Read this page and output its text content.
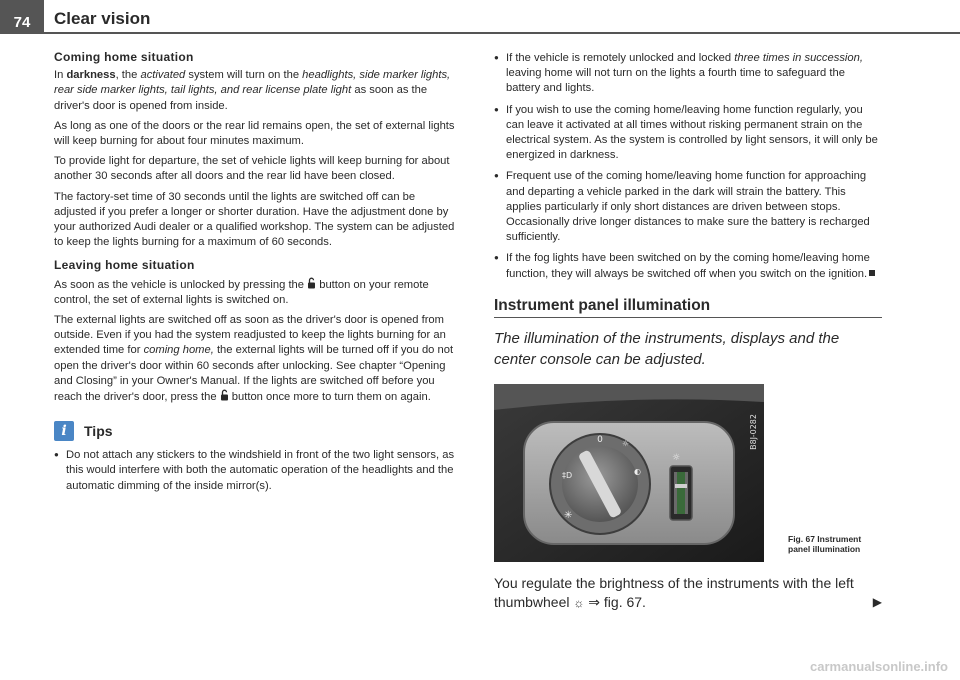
74	Clear vision
Coming home situation

In darkness, the activated system will turn on the headlights, side marker lights, rear side marker lights, tail lights, and rear license plate light as soon as the driver's door is opened from inside.

As long as one of the doors or the rear lid remains open, the set of external lights will keep burning for about four minutes maximum.

To provide light for departure, the set of vehicle lights will keep burning for about another 30 seconds after all doors and the rear lid have been closed.

The factory-set time of 30 seconds until the lights are switched off can be adjusted if you prefer a longer or shorter duration. Have the adjustment done by your authorized Audi dealer or a qualified workshop. The system can be adjusted to keep the lights burning for a maximum of 60 seconds.

Leaving home situation

As soon as the vehicle is unlocked by pressing the  button on your remote control, the set of external lights is switched on.

The external lights are switched off as soon as the driver's door is opened from outside. Even if you had the system readjusted to keep the lights burning for an extended time for coming home, the external lights will be turned off if you do not open the driver's door within 60 seconds after unlocking. See chapter “Opening and Closing” in your Owner's Manual. If the lights are switched off before you reach the driver's door, press the  button once more to turn them on again.

i	Tips

● Do not attach any stickers to the windshield in front of the two light sensors, as this would interfere with both the automatic operation of the headlights and the automatic dimming of the inside mirror(s).

● If the vehicle is remotely unlocked and locked three times in succession, leaving home will not turn on the lights a fourth time to safeguard the battery and lights.

● If you wish to use the coming home/leaving home function regularly, you can leave it activated at all times without risking permanent strain on the electrical system. As the system is controlled by light sensors, it will only be energized in darkness.

● Frequent use of the coming home/leaving home function for approaching and departing a vehicle parked in the dark will strain the battery. This applies particularly if only short distances are driven between stops. Occasionally drive longer distances to make sure the battery is recharged sufficiently.

● If the fog lights have been switched on by the coming home/leaving home function, they will always be switched off when you switch on the ignition.

Instrument panel illumination
The illumination of the instruments, displays and the center console can be adjusted.
0 ☼
‡D
✳
◐
☼
B8J-0282
Fig. 67 Instrument
panel illumination

You regulate the brightness of the instruments with the left thumbwheel ☼ ⇒ fig. 67.	▶

carmanualsonline.info
